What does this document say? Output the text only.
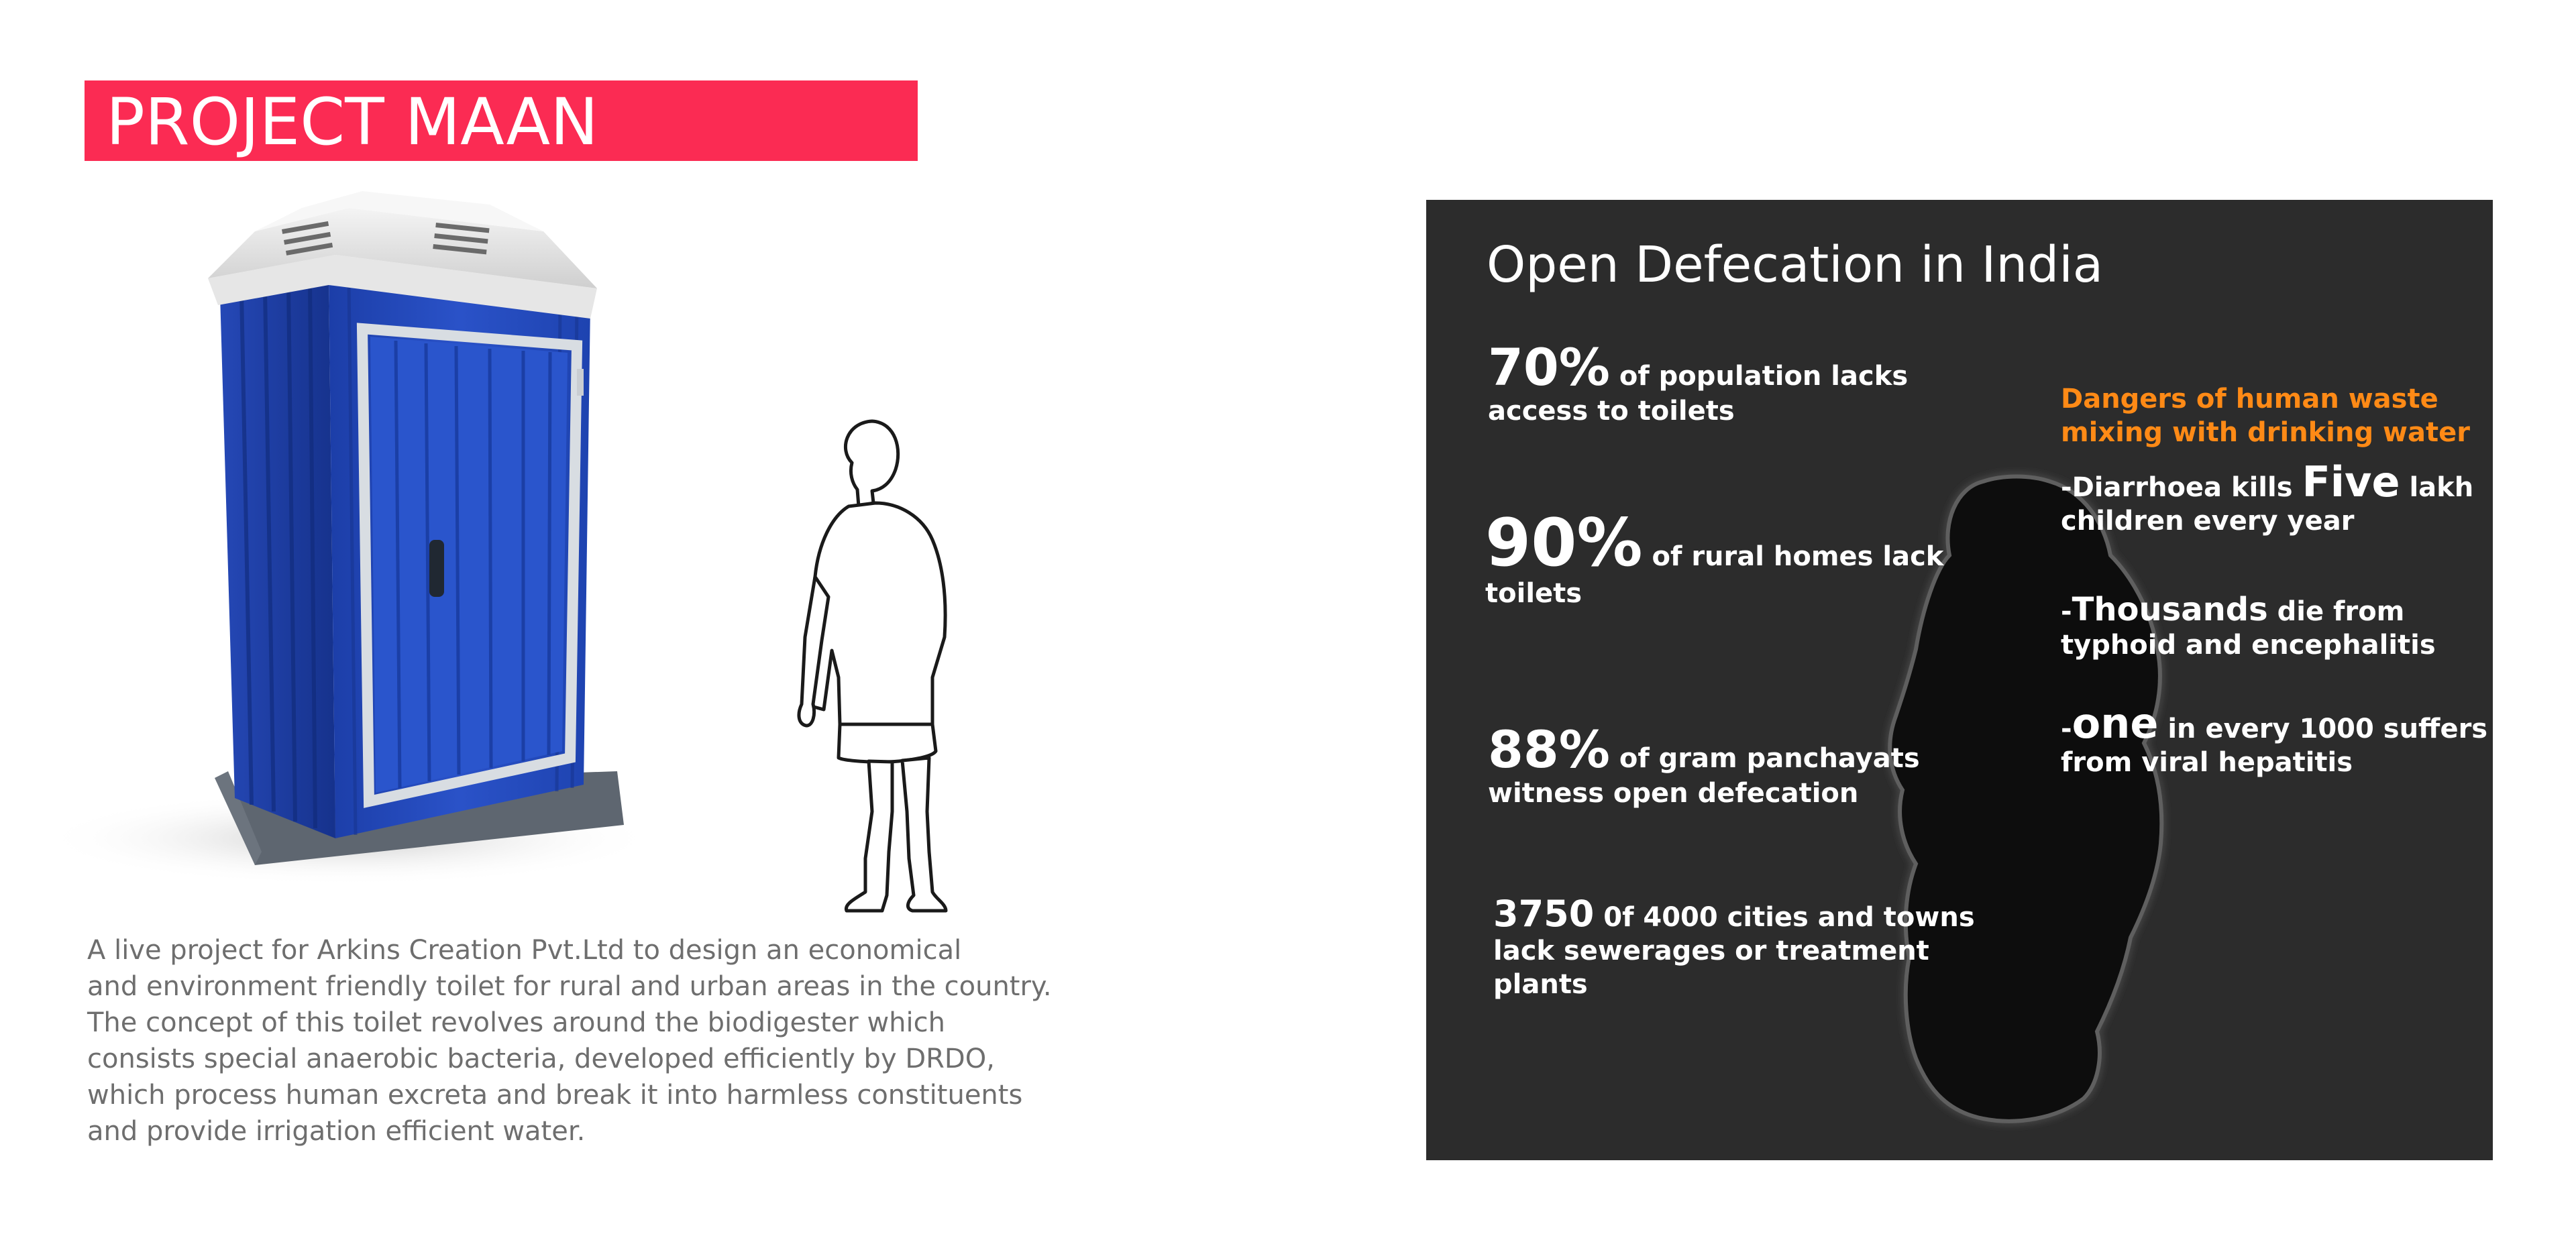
PROJECT MAAN
A live project for Arkins Creation Pvt.Ltd to design an economical
and environment friendly toilet for rural and urban areas in the country.
The concept of this toilet revolves around the biodigester which
consists special anaerobic bacteria, developed efficiently by DRDO,
which process human excreta and break it into harmless constituents
and provide irrigation efficient water.
Open Defecation in India
70% of population lacks
access to toilets
90% of rural homes lack
toilets
88% of gram panchayats
witness open defecation
3750 0f 4000 cities and towns
lack sewerages or treatment
plants
Dangers of human waste
mixing with drinking water
-Diarrhoea kills Five lakh
children every year
-Thousands die from
typhoid and encephalitis
-one in every 1000 suffers
from viral hepatitis
